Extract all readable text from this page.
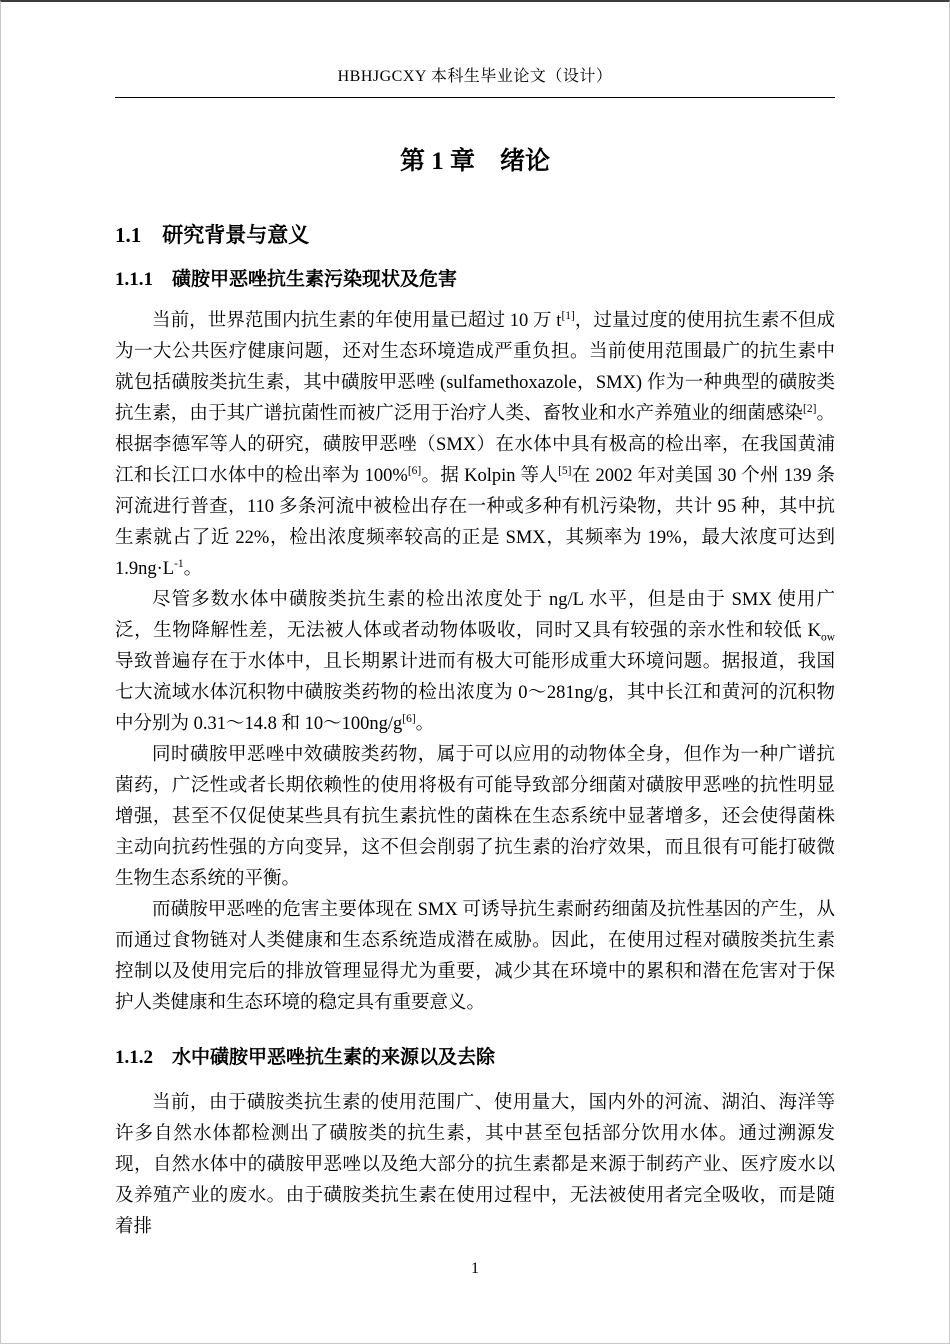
HBHJGCXY 本科生毕业论文（设计）
第 1 章　绪论
1.1　研究背景与意义
1.1.1　磺胺甲恶唑抗生素污染现状及危害

当前，世界范围内抗生素的年使用量已超过 10 万 t[1]，过量过度的使用抗生素不但成为一大公共医疗健康问题，还对生态环境造成严重负担。当前使用范围最广的抗生素中就包括磺胺类抗生素，其中磺胺甲恶唑 (sulfamethoxazole，SMX) 作为一种典型的磺胺类抗生素，由于其广谱抗菌性而被广泛用于治疗人类、畜牧业和水产养殖业的细菌感染[2]。根据李德军等人的研究，磺胺甲恶唑（SMX）在水体中具有极高的检出率，在我国黄浦江和长江口水体中的检出率为 100%[6]。据 Kolpin 等人[5]在 2002 年对美国 30 个州 139 条河流进行普查，110 多条河流中被检出存在一种或多种有机污染物，共计 95 种，其中抗生素就占了近 22%，检出浓度频率较高的正是 SMX，其频率为 19%，最大浓度可达到 $1.9ng\cdot L^{-1}$。

尽管多数水体中磺胺类抗生素的检出浓度处于 ng/L 水平，但是由于 SMX 使用广泛，生物降解性差，无法被人体或者动物体吸收，同时又具有较强的亲水性和较低 $K_{ow}$ 导致普遍存在于水体中，且长期累计进而有极大可能形成重大环境问题。据报道，我国七大流域水体沉积物中磺胺类药物的检出浓度为 0～281ng/g，其中长江和黄河的沉积物中分别为 0.31～14.8 和 10～100ng/g[6]。

同时磺胺甲恶唑中效磺胺类药物，属于可以应用的动物体全身，但作为一种广谱抗菌药，广泛性或者长期依赖性的使用将极有可能导致部分细菌对磺胺甲恶唑的抗性明显增强，甚至不仅促使某些具有抗生素抗性的菌株在生态系统中显著增多，还会使得菌株主动向抗药性强的方向变异，这不但会削弱了抗生素的治疗效果，而且很有可能打破微生物生态系统的平衡。

而磺胺甲恶唑的危害主要体现在 SMX 可诱导抗生素耐药细菌及抗性基因的产生，从而通过食物链对人类健康和生态系统造成潜在威胁。因此，在使用过程对磺胺类抗生素控制以及使用完后的排放管理显得尤为重要，减少其在环境中的累积和潜在危害对于保护人类健康和生态环境的稳定具有重要意义。

1.1.2　水中磺胺甲恶唑抗生素的来源以及去除

当前，由于磺胺类抗生素的使用范围广、使用量大，国内外的河流、湖泊、海洋等许多自然水体都检测出了磺胺类的抗生素，其中甚至包括部分饮用水体。通过溯源发现，自然水体中的磺胺甲恶唑以及绝大部分的抗生素都是来源于制药产业、医疗废水以及养殖产业的废水。由于磺胺类抗生素在使用过程中，无法被使用者完全吸收，而是随着排

1
